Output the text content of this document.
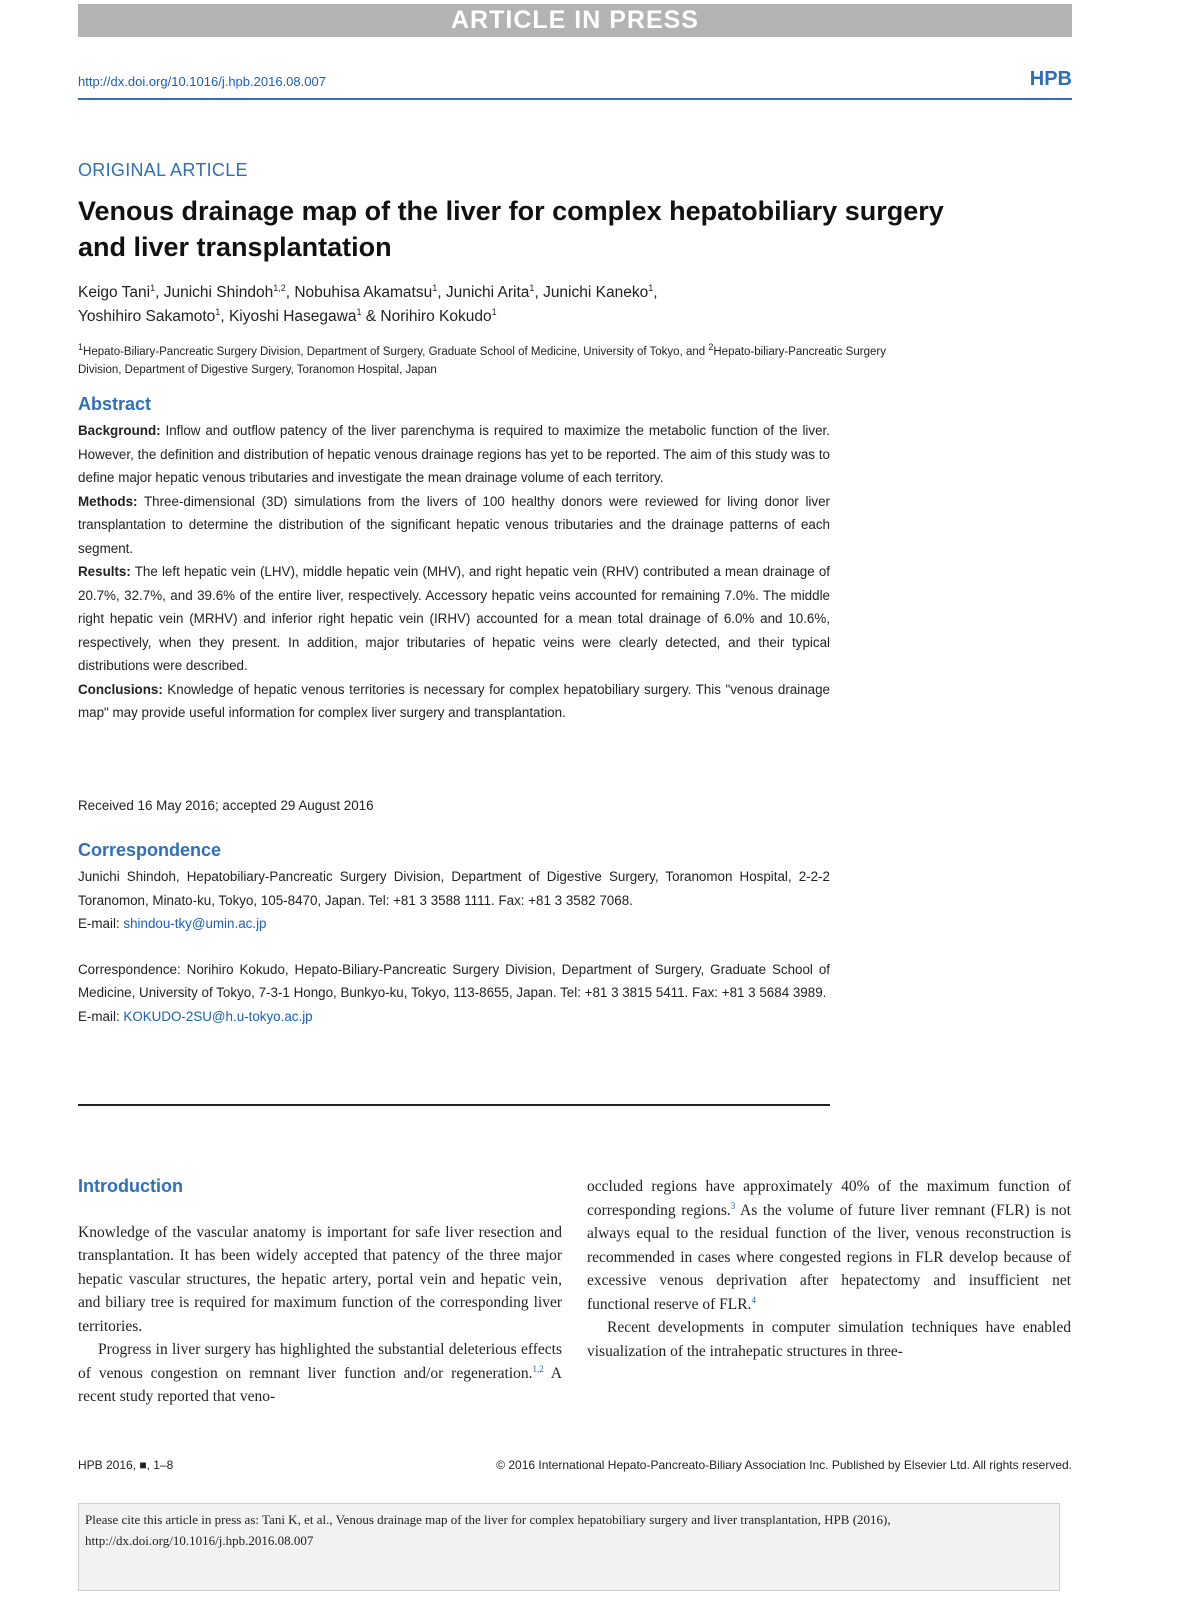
ARTICLE IN PRESS
http://dx.doi.org/10.1016/j.hpb.2016.08.007	HPB
ORIGINAL ARTICLE
Venous drainage map of the liver for complex hepatobiliary surgery and liver transplantation
Keigo Tani$^1$, Junichi Shindoh$^{1,2}$, Nobuhisa Akamatsu$^1$, Junichi Arita$^1$, Junichi Kaneko$^1$,
Yoshihiro Sakamoto$^1$, Kiyoshi Hasegawa$^1$ & Norihiro Kokudo$^1$
$^1$Hepato-Biliary-Pancreatic Surgery Division, Department of Surgery, Graduate School of Medicine, University of Tokyo, and $^2$Hepato-biliary-Pancreatic Surgery Division, Department of Digestive Surgery, Toranomon Hospital, Japan
Abstract

Background: Inflow and outflow patency of the liver parenchyma is required to maximize the metabolic function of the liver. However, the definition and distribution of hepatic venous drainage regions has yet to be reported. The aim of this study was to define major hepatic venous tributaries and investigate the mean drainage volume of each territory.

Methods: Three-dimensional (3D) simulations from the livers of 100 healthy donors were reviewed for living donor liver transplantation to determine the distribution of the significant hepatic venous tributaries and the drainage patterns of each segment.

Results: The left hepatic vein (LHV), middle hepatic vein (MHV), and right hepatic vein (RHV) contributed a mean drainage of 20.7%, 32.7%, and 39.6% of the entire liver, respectively. Accessory hepatic veins accounted for remaining 7.0%. The middle right hepatic vein (MRHV) and inferior right hepatic vein (IRHV) accounted for a mean total drainage of 6.0% and 10.6%, respectively, when they present. In addition, major tributaries of hepatic veins were clearly detected, and their typical distributions were described.

Conclusions: Knowledge of hepatic venous territories is necessary for complex hepatobiliary surgery. This "venous drainage map" may provide useful information for complex liver surgery and transplantation.

Received 16 May 2016; accepted 29 August 2016
Correspondence

Junichi Shindoh, Hepatobiliary-Pancreatic Surgery Division, Department of Digestive Surgery, Toranomon Hospital, 2-2-2 Toranomon, Minato-ku, Tokyo, 105-8470, Japan. Tel: +81 3 3588 1111. Fax: +81 3 3582 7068.

E-mail: shindou-tky@umin.ac.jp

Correspondence: Norihiro Kokudo, Hepato-Biliary-Pancreatic Surgery Division, Department of Surgery, Graduate School of Medicine, University of Tokyo, 7-3-1 Hongo, Bunkyo-ku, Tokyo, 113-8655, Japan. Tel: +81 3 3815 5411. Fax: +81 3 5684 3989.

E-mail: KOKUDO-2SU@h.u-tokyo.ac.jp

Introduction

Knowledge of the vascular anatomy is important for safe liver resection and transplantation. It has been widely accepted that patency of the three major hepatic vascular structures, the hepatic artery, portal vein and hepatic vein, and biliary tree is required for maximum function of the corresponding liver territories.

Progress in liver surgery has highlighted the substantial deleterious effects of venous congestion on remnant liver function and/or regeneration.$^{1,2}$ A recent study reported that veno-

occluded regions have approximately 40% of the maximum function of corresponding regions.$^3$ As the volume of future liver remnant (FLR) is not always equal to the residual function of the liver, venous reconstruction is recommended in cases where congested regions in FLR develop because of excessive venous deprivation after hepatectomy and insufficient net functional reserve of FLR.$^4$

Recent developments in computer simulation techniques have enabled visualization of the intrahepatic structures in three-

HPB 2016, ■, 1–8	© 2016 International Hepato-Pancreato-Biliary Association Inc. Published by Elsevier Ltd. All rights reserved.

Please cite this article in press as: Tani K, et al., Venous drainage map of the liver for complex hepatobiliary surgery and liver transplantation, HPB (2016), http://dx.doi.org/10.1016/j.hpb.2016.08.007
